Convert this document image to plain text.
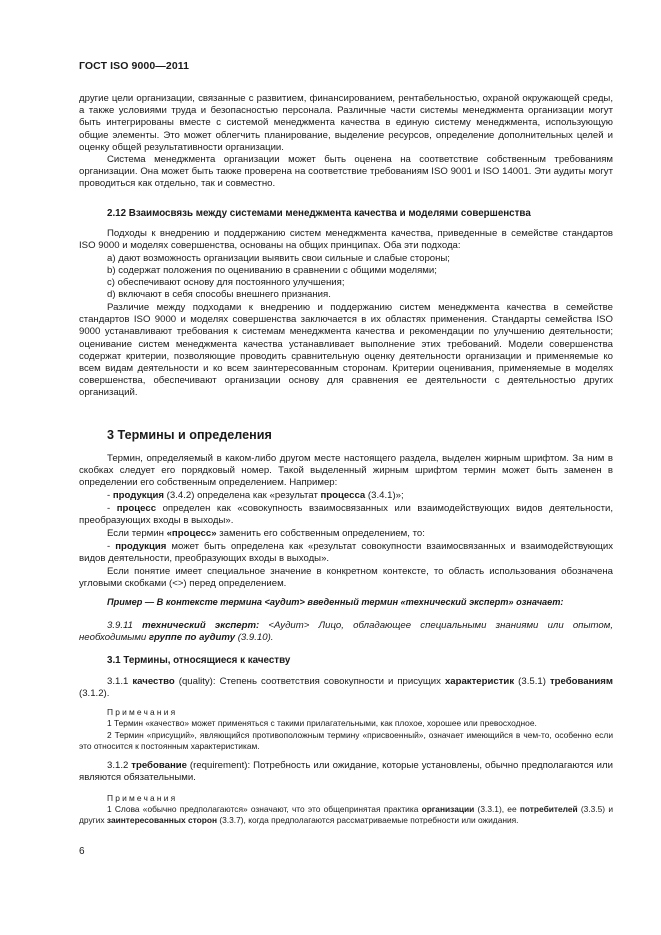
ГОСТ ISO 9000—2011

другие цели организации, связанные с развитием, финансированием, рентабельностью, охраной окружающей среды, а также условиями труда и безопасностью персонала. Различные части системы менеджмента организации могут быть интегрированы вместе с системой менеджмента качества в единую систему менеджмента, использующую общие элементы. Это может облегчить планирование, выделение ресурсов, определение дополнительных целей и оценку общей результативности организации.

Система менеджмента организации может быть оценена на соответствие собственным требованиям организации. Она может быть также проверена на соответствие требованиям ISO 9001 и ISO 14001. Эти аудиты могут проводиться как отдельно, так и совместно.

2.12 Взаимосвязь между системами менеджмента качества и моделями совершенства

Подходы к внедрению и поддержанию систем менеджмента качества, приведенные в семействе стандартов ISO 9000 и моделях совершенства, основаны на общих принципах. Оба эти подхода:

a) дают возможность организации выявить свои сильные и слабые стороны;

b) содержат положения по оцениванию в сравнении с общими моделями;

c) обеспечивают основу для постоянного улучшения;

d) включают в себя способы внешнего признания.

Различие между подходами к внедрению и поддержанию систем менеджмента качества в семействе стандартов ISO 9000 и моделях совершенства заключается в их областях применения. Стандарты семейства ISO 9000 устанавливают требования к системам менеджмента качества и рекомендации по улучшению деятельности; оценивание систем менеджмента качества устанавливает выполнение этих требований. Модели совершенства содержат критерии, позволяющие проводить сравнительную оценку деятельности организации и применяемые ко всем видам деятельности и ко всем заинтересованным сторонам. Критерии оценивания, применяемые в моделях совершенства, обеспечивают организации основу для сравнения ее деятельности с деятельностью других организаций.

3 Термины и определения

Термин, определяемый в каком-либо другом месте настоящего раздела, выделен жирным шрифтом. За ним в скобках следует его порядковый номер. Такой выделенный жирным шрифтом термин может быть заменен в определении его собственным определением. Например:

- продукция (3.4.2) определена как «результат процесса (3.4.1)»;

- процесс определен как «совокупность взаимосвязанных или взаимодействующих видов деятельности, преобразующих входы в выходы».

Если термин «процесс» заменить его собственным определением, то:

- продукция может быть определена как «результат совокупности взаимосвязанных и взаимодействующих видов деятельности, преобразующих входы в выходы».

Если понятие имеет специальное значение в конкретном контексте, то область использования обозначена угловыми скобками (<>) перед определением.

Пример — В контексте термина <аудит> введенный термин «технический эксперт» означает:

3.9.11 технический эксперт: <Аудит> Лицо, обладающее специальными знаниями или опытом, необходимыми группе по аудиту (3.9.10).

3.1 Термины, относящиеся к качеству

3.1.1 качество (quality): Степень соответствия совокупности и присущих характеристик (3.5.1) требованиям (3.1.2).

Примечания

1 Термин «качество» может применяться с такими прилагательными, как плохое, хорошее или превосходное.

2 Термин «присущий», являющийся противоположным термину «присвоенный», означает имеющийся в чем-то, особенно если это относится к постоянным характеристикам.

3.1.2 требование (requirement): Потребность или ожидание, которые установлены, обычно предполагаются или являются обязательными.

Примечания

1 Слова «обычно предполагаются» означают, что это общепринятая практика организации (3.3.1), ее потребителей (3.3.5) и других заинтересованных сторон (3.3.7), когда предполагаются рассматриваемые потребности или ожидания.

6
